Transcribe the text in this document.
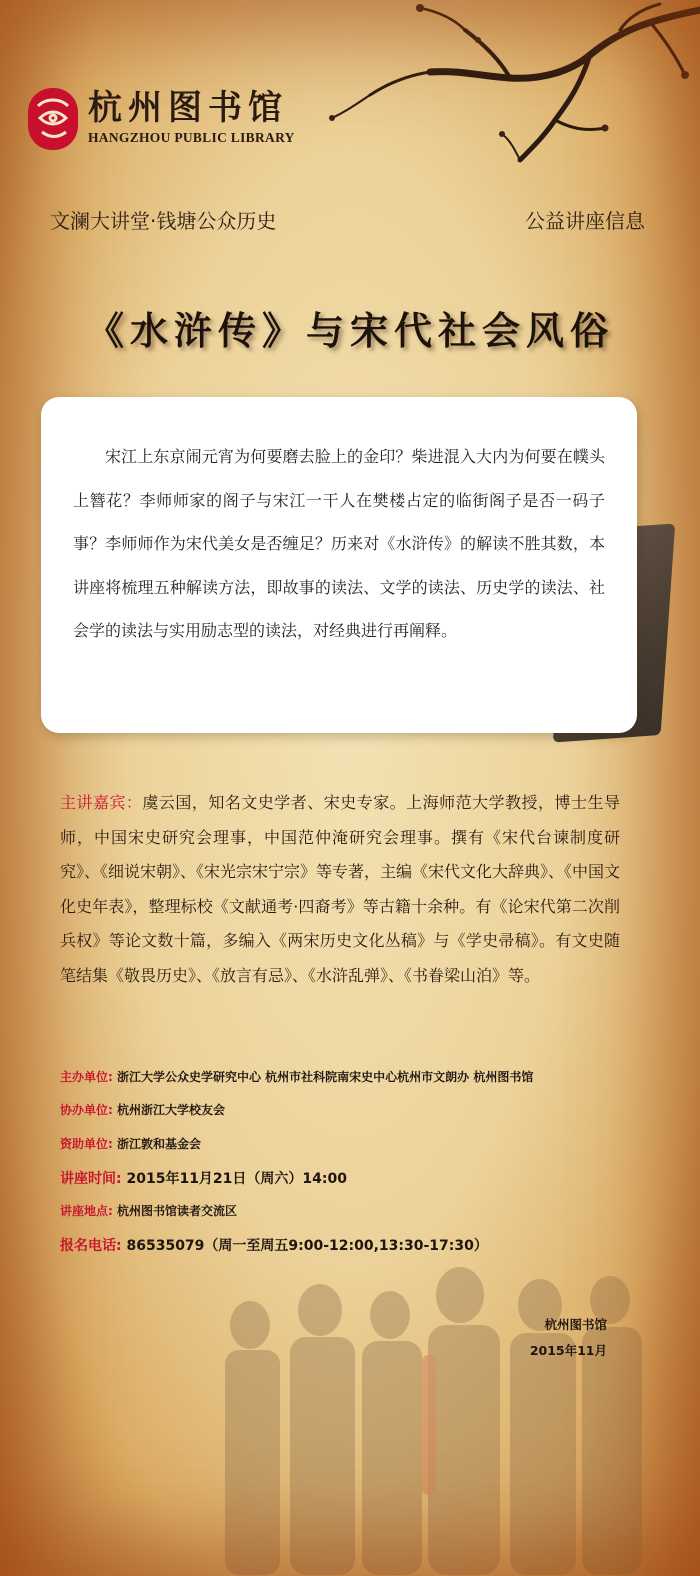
杭州图书馆
HANGZHOU PUBLIC LIBRARY
文澜大讲堂·钱塘公众历史	公益讲座信息
《水浒传》与宋代社会风俗
宋江上东京闹元宵为何要磨去脸上的金印？柴进混入大内为何要在幞头上簪花？李师师家的阁子与宋江一干人在樊楼占定的临街阁子是否一码子事？李师师作为宋代美女是否缠足？历来对《水浒传》的解读不胜其数，本讲座将梳理五种解读方法，即故事的读法、文学的读法、历史学的读法、社会学的读法与实用励志型的读法，对经典进行再阐释。
主讲嘉宾：虞云国，知名文史学者、宋史专家。上海师范大学教授，博士生导师，中国宋史研究会理事，中国范仲淹研究会理事。撰有《宋代台谏制度研究》、《细说宋朝》、《宋光宗宋宁宗》等专著，主编《宋代文化大辞典》、《中国文化史年表》，整理标校《文献通考·四裔考》等古籍十余种。有《论宋代第二次削兵权》等论文数十篇，多编入《两宋历史文化丛稿》与《学史帚稿》。有文史随笔结集《敬畏历史》、《放言有忌》、《水浒乱弹》、《书眷梁山泊》等。
主办单位: 浙江大学公众史学研究中心 杭州市社科院南宋史中心杭州市文朗办 杭州图书馆
协办单位: 杭州浙江大学校友会
资助单位: 浙江敦和基金会
讲座时间: 2015年11月21日（周六）14:00
讲座地点: 杭州图书馆读者交流区
报名电话: 86535079（周一至周五9:00-12:00,13:30-17:30）
杭州图书馆
2015年11月
